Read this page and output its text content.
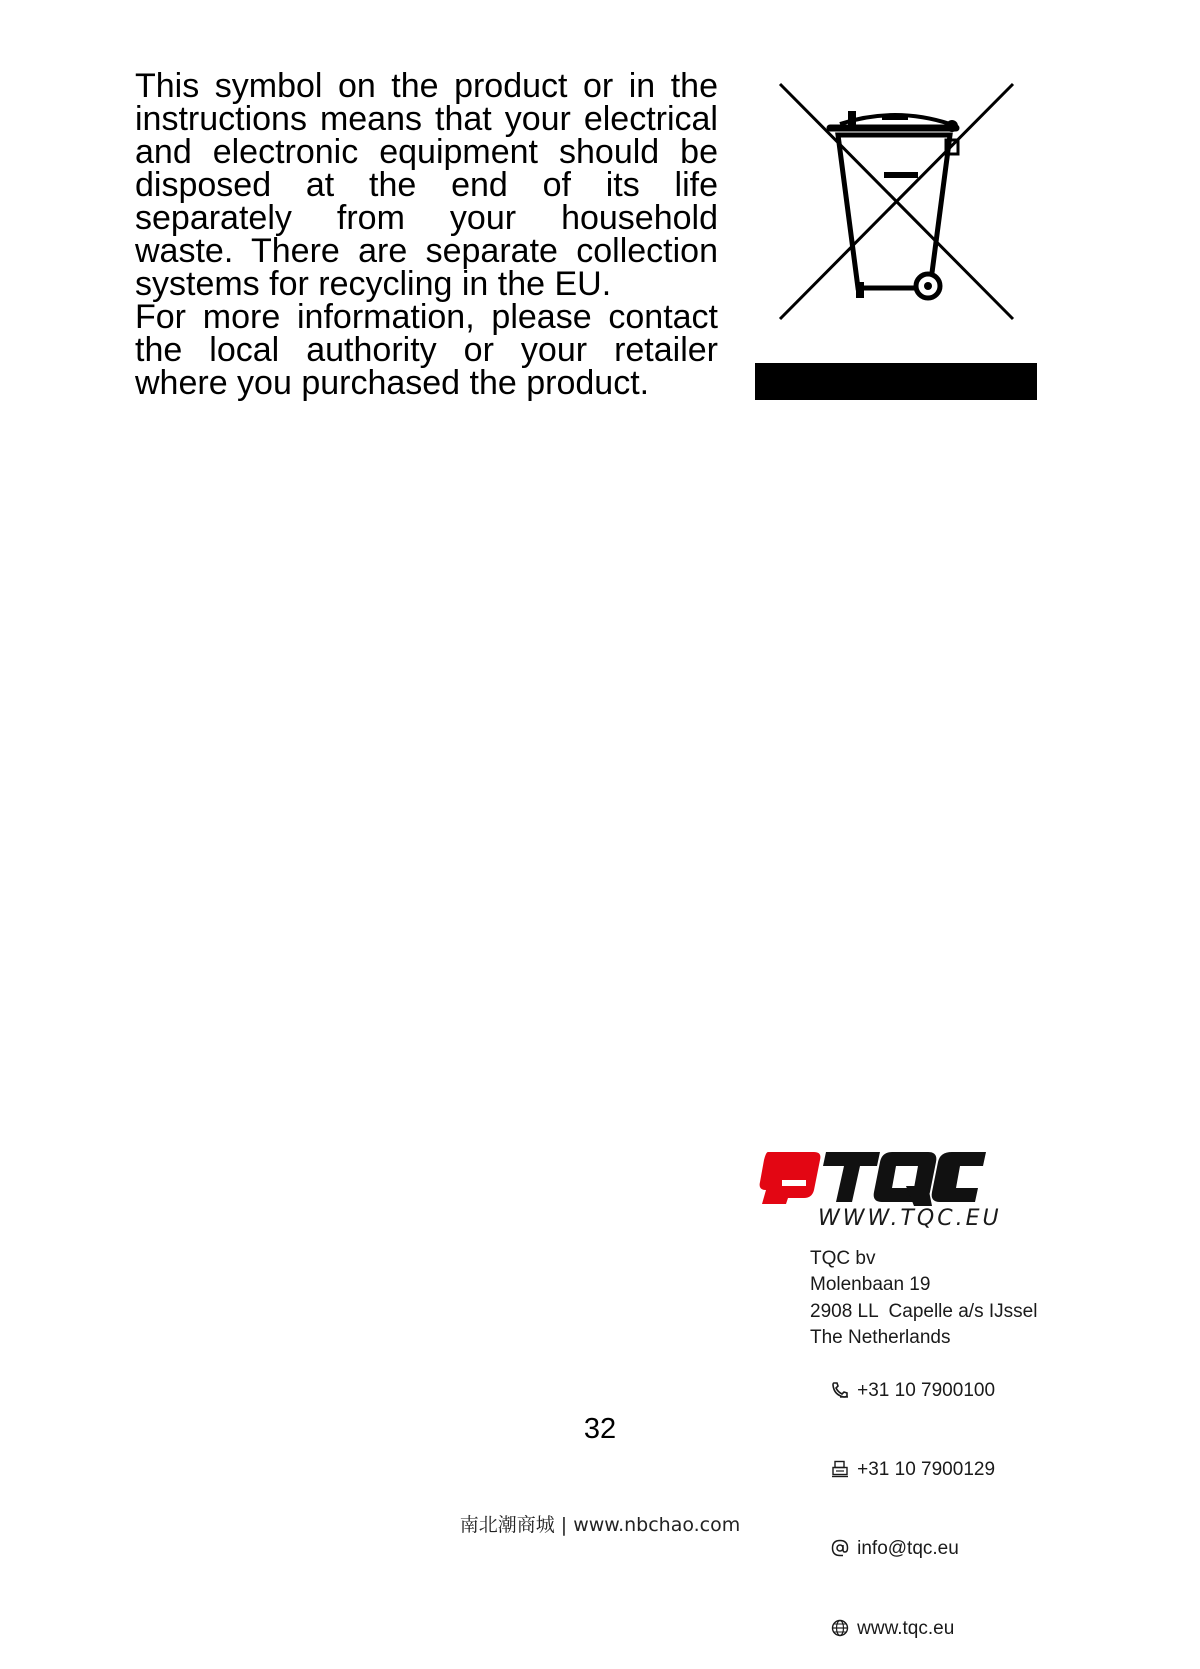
This symbol on the product or in the instructions means that your electrical and electronic equipment should be disposed at the end of its life separately from your household waste. There are separate collection systems for recycling in the EU.

For more information, please contact the local authority or your retailer where you purchased the product.

WWW.TQC.EU
TQC bv
Molenbaan 19
2908 LL  Capelle a/s IJssel
The Netherlands

+31 10 7900100

+31 10 7900129

info@tqc.eu

www.tqc.eu

32
南北潮商城 | www.nbchao.com
